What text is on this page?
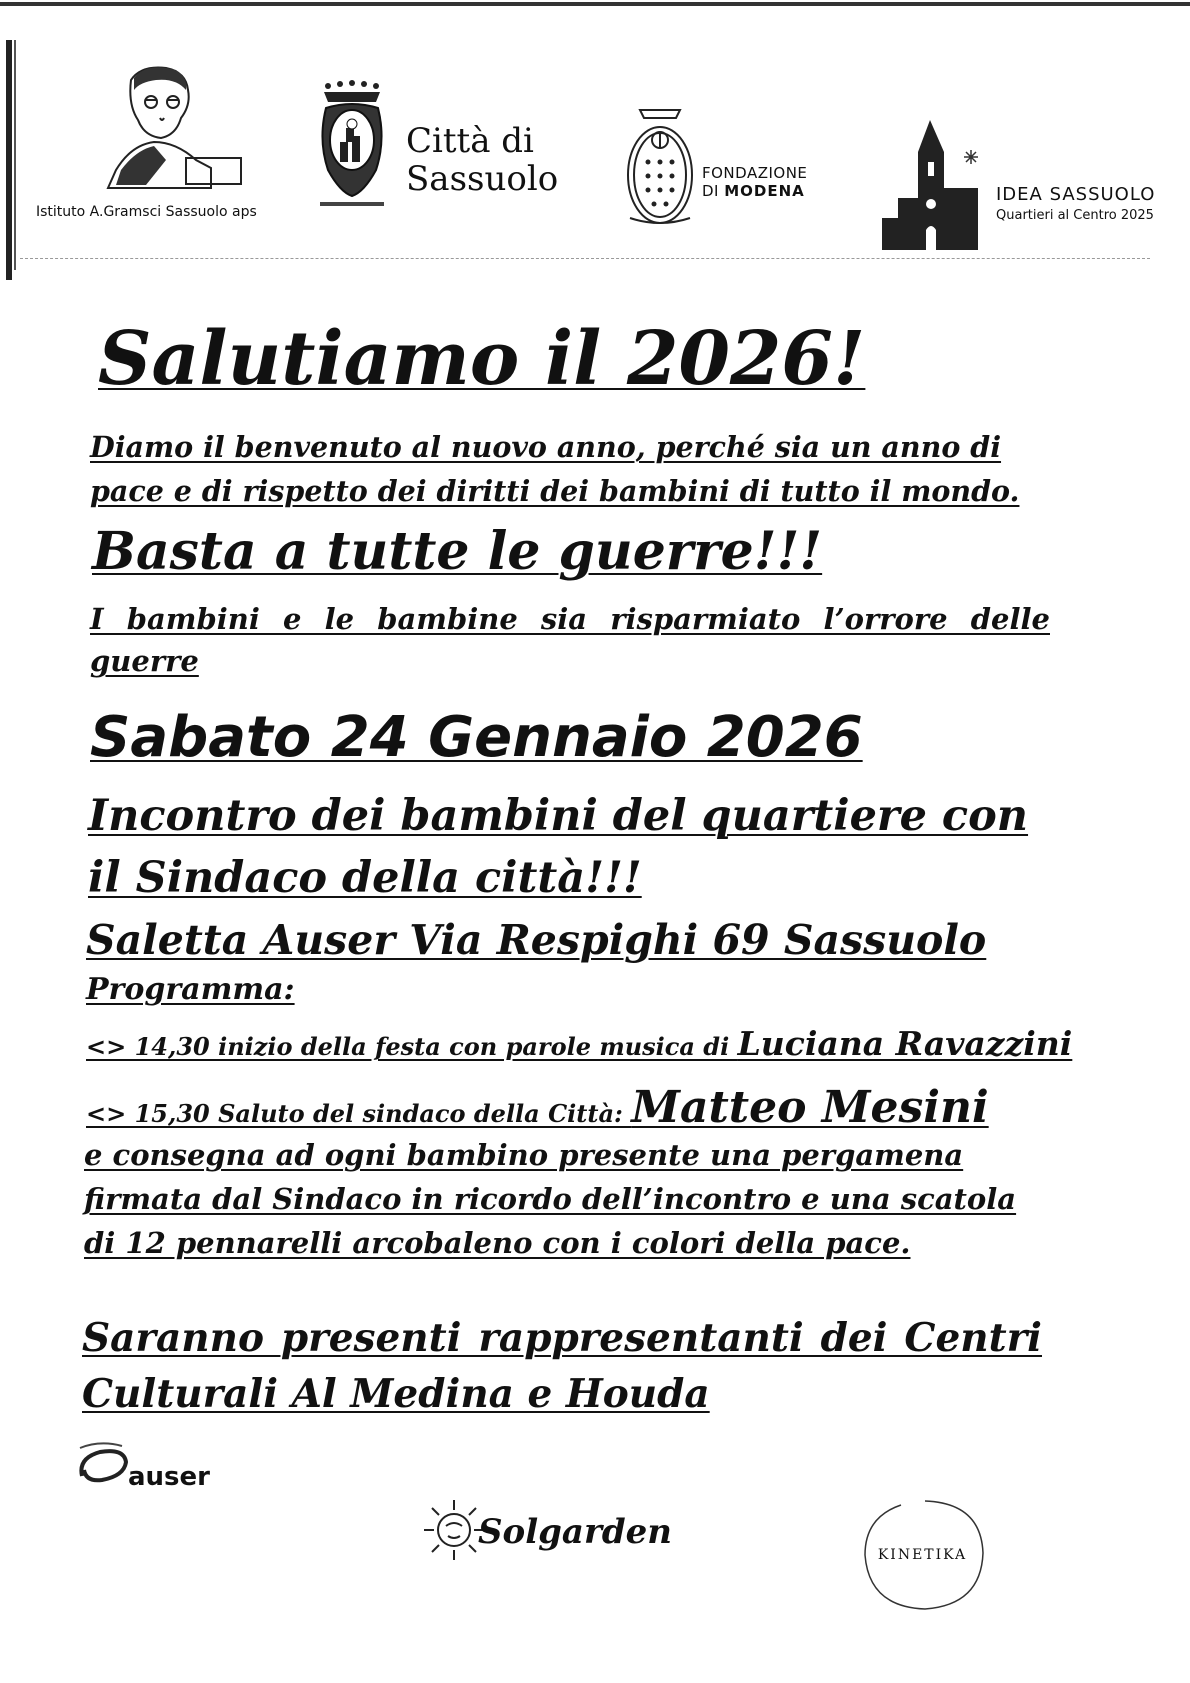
Istituto A.Gramsci Sassuolo aps
Città di
Sassuolo	FONDAZIONE
DI MODENA	IDEA SASSUOLO
Quartieri al Centro 2025
Salutiamo il 2026!
Diamo il benvenuto al nuovo anno, perché sia un anno di pace e di rispetto dei diritti dei bambini di tutto il mondo.
Basta a tutte le guerre!!!
I bambini e le bambine sia risparmiato l’orrore delle guerre
Sabato 24 Gennaio 2026
Incontro dei bambini del quartiere con il Sindaco della città!!!
Saletta Auser Via Respighi 69 Sassuolo
Programma:
<> 14,30 inizio della festa con parole musica di Luciana Ravazzini
<> 15,30 Saluto del sindaco della Città: Matteo Mesini
e consegna ad ogni bambino presente una pergamena firmata dal Sindaco in ricordo dell’incontro e una scatola di 12 pennarelli arcobaleno con i colori della pace.
Saranno presenti rappresentanti dei Centri Culturali Al Medina e Houda
auser
Solgarden
KINETIKA
